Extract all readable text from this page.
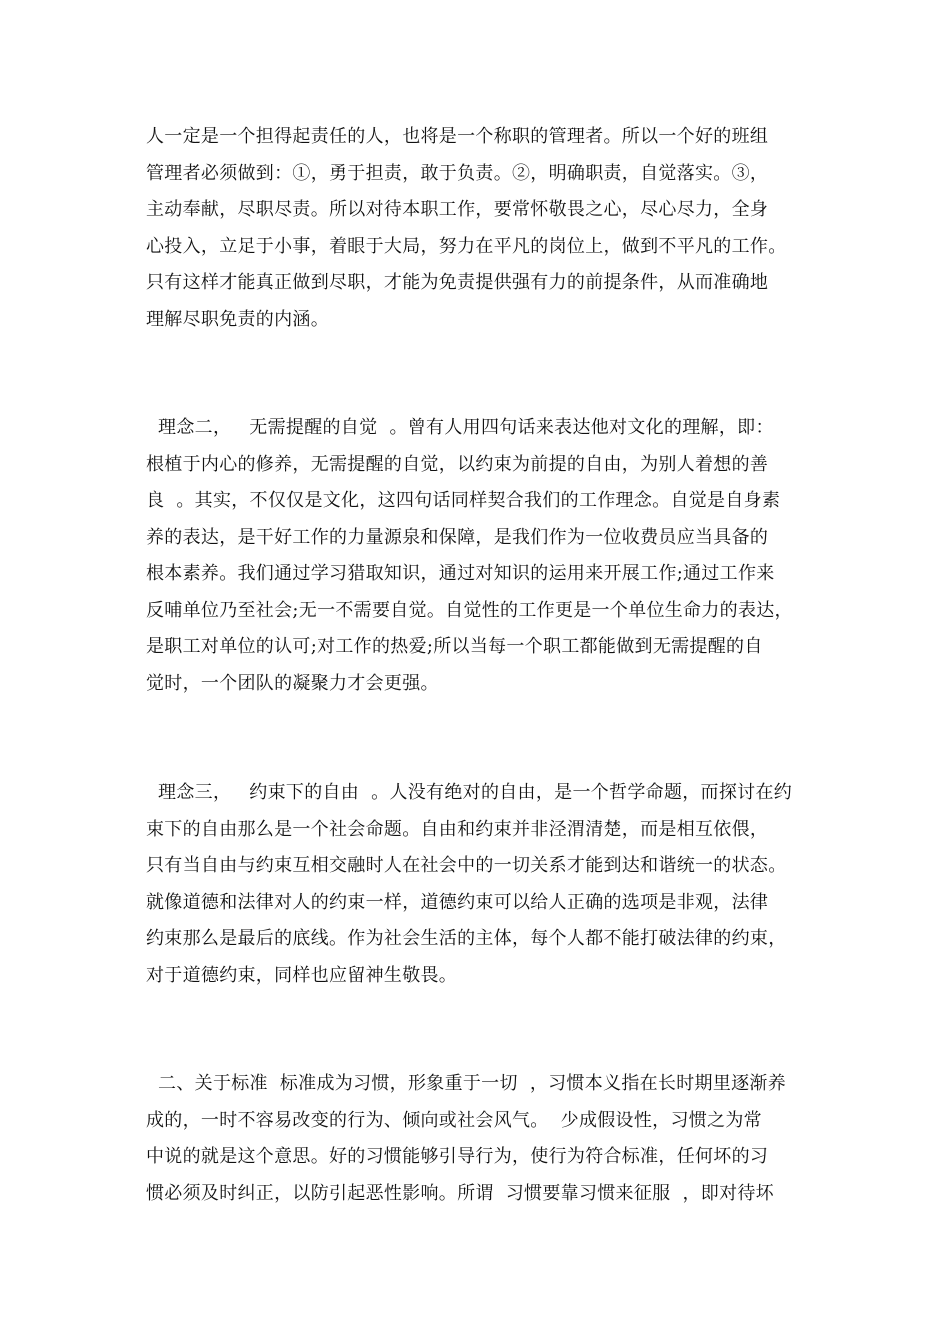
人一定是一个担得起责任的人，也将是一个称职的管理者。所以一个好的班组
管理者必须做到：①，勇于担责，敢于负责。②，明确职责，自觉落实。③，
主动奉献，尽职尽责。所以对待本职工作，要常怀敬畏之心，尽心尽力，全身
心投入，立足于小事，着眼于大局，努力在平凡的岗位上，做到不平凡的工作。
只有这样才能真正做到尽职，才能为免责提供强有力的前提条件，从而准确地
理解尽职免责的内涵。
理念二，   无需提醒的自觉  。曾有人用四句话来表达他对文化的理解，即：
根植于内心的修养，无需提醒的自觉，以约束为前提的自由，为别人着想的善
良  。其实，不仅仅是文化，这四句话同样契合我们的工作理念。自觉是自身素
养的表达，是干好工作的力量源泉和保障，是我们作为一位收费员应当具备的
根本素养。我们通过学习猎取知识，通过对知识的运用来开展工作;通过工作来
反哺单位乃至社会;无一不需要自觉。自觉性的工作更是一个单位生命力的表达，
是职工对单位的认可;对工作的热爱;所以当每一个职工都能做到无需提醒的自
觉时，一个团队的凝聚力才会更强。
理念三，   约束下的自由  。人没有绝对的自由，是一个哲学命题，而探讨在约
束下的自由那么是一个社会命题。自由和约束并非泾渭清楚，而是相互依偎，
只有当自由与约束互相交融时人在社会中的一切关系才能到达和谐统一的状态。
就像道德和法律对人的约束一样，道德约束可以给人正确的选项是非观，法律
约束那么是最后的底线。作为社会生活的主体，每个人都不能打破法律的约束，
对于道德约束，同样也应留神生敬畏。
二、关于标准  标准成为习惯，形象重于一切  ，习惯本义指在长时期里逐渐养
成的，一时不容易改变的行为、倾向或社会风气。  少成假设性，习惯之为常
中说的就是这个意思。好的习惯能够引导行为，使行为符合标准，任何坏的习
惯必须及时纠正，以防引起恶性影响。所谓  习惯要靠习惯来征服  ，即对待坏
